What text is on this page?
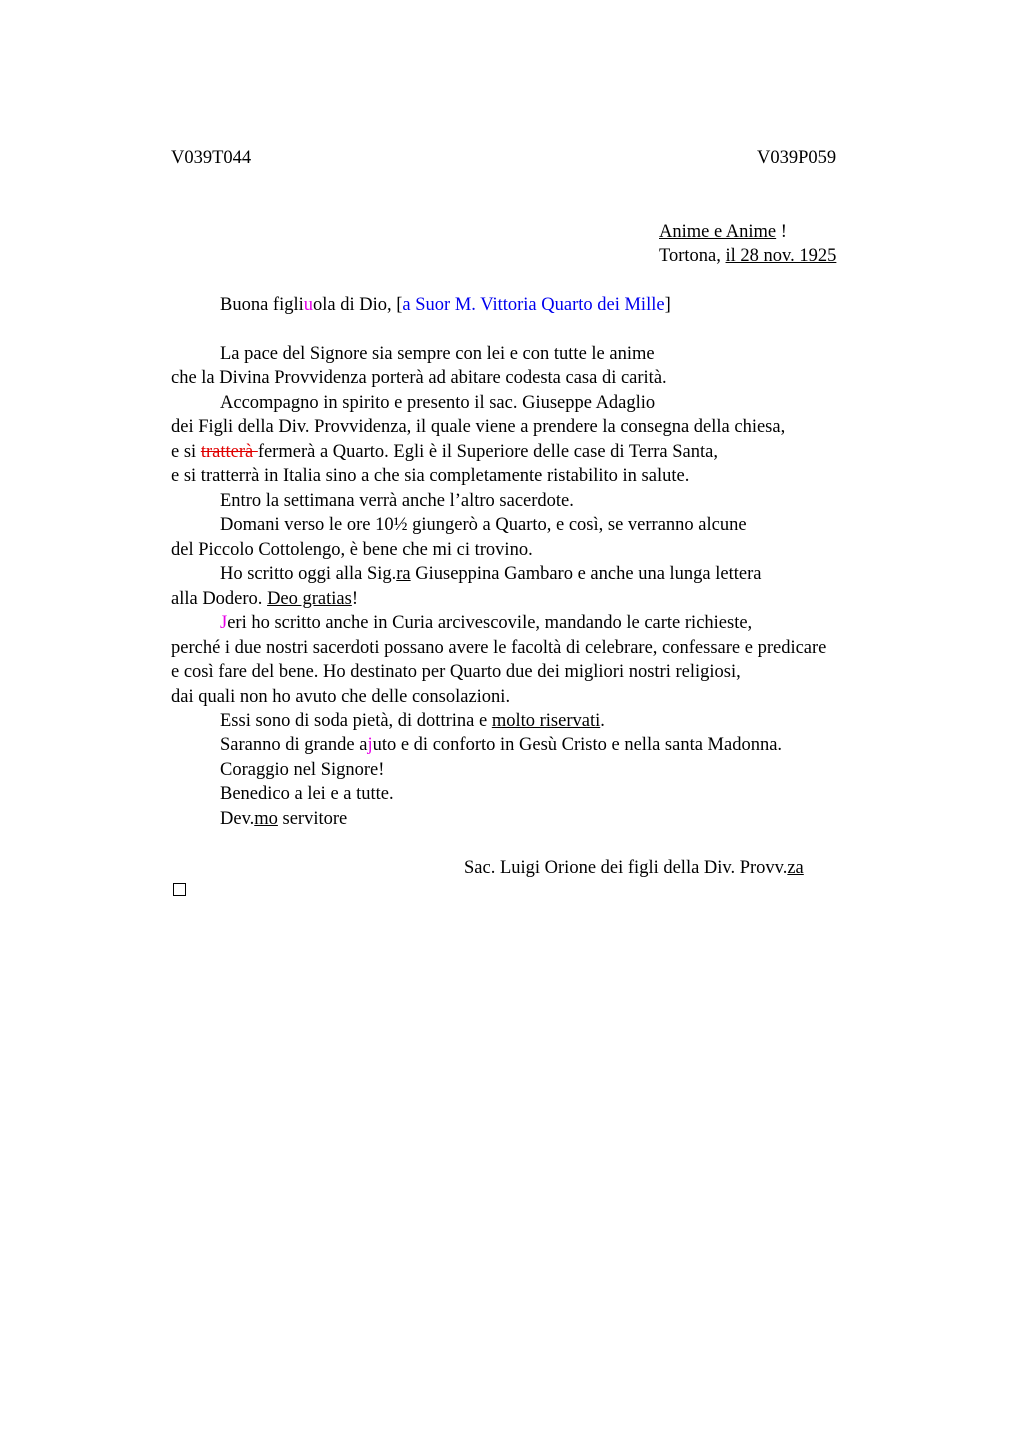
V039T044	V039P059
Anime e Anime !
Tortona, il 28 nov. 1925
Buona figliuola di Dio, [a Suor M. Vittoria Quarto dei Mille]
La pace del Signore sia sempre con lei e con tutte le anime
che la Divina Provvidenza porterà ad abitare codesta casa di carità.
Accompagno in spirito e presento il sac. Giuseppe Adaglio
dei Figli della Div. Provvidenza, il quale viene a prendere la consegna della chiesa,
e si tratterà fermerà a Quarto. Egli è il Superiore delle case di Terra Santa,
e si tratterrà in Italia sino a che sia completamente ristabilito in salute.
Entro la settimana verrà anche l’altro sacerdote.
Domani verso le ore 10½ giungerò a Quarto, e così, se verranno alcune
del Piccolo Cottolengo, è bene che mi ci trovino.
Ho scritto oggi alla Sig.ra Giuseppina Gambaro e anche una lunga lettera
alla Dodero. Deo gratias!
Jeri ho scritto anche in Curia arcivescovile, mandando le carte richieste,
perché i due nostri sacerdoti possano avere le facoltà di celebrare, confessare e predicare
e così fare del bene. Ho destinato per Quarto due dei migliori nostri religiosi,
dai quali non ho avuto che delle consolazioni.
Essi sono di soda pietà, di dottrina e molto riservati.
Saranno di grande ajuto e di conforto in Gesù Cristo e nella santa Madonna.
Coraggio nel Signore!
Benedico a lei e a tutte.
Dev.mo servitore
Sac. Luigi Orione dei figli della Div. Provv.za
